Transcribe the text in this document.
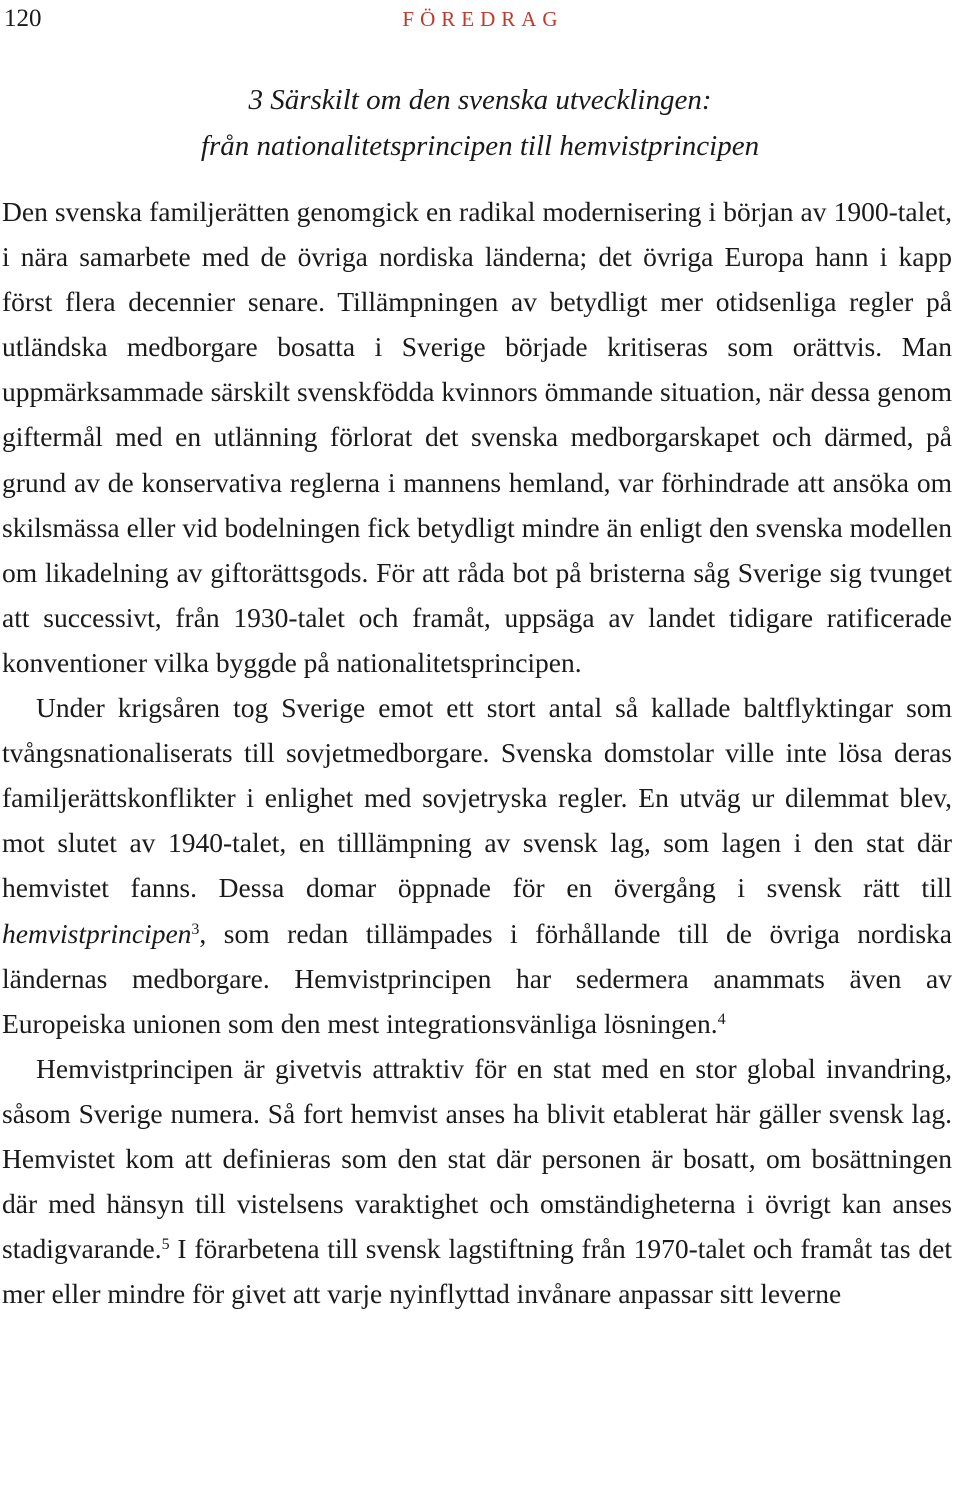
120	FÖREDRAG
3 Särskilt om den svenska utvecklingen:
från nationalitetsprincipen till hemvistprincipen

Den svenska familjerätten genomgick en radikal modernisering i början av 1900-talet, i nära samarbete med de övriga nordiska länderna; det övriga Europa hann i kapp först flera decennier senare. Tillämpningen av betydligt mer otidsenliga regler på utländska medborgare bosatta i Sverige började kritiseras som orättvis. Man uppmärksammade särskilt svenskfödda kvinnors ömmande situation, när dessa genom giftermål med en utlänning förlorat det svenska medborgarskapet och därmed, på grund av de konservativa reglerna i mannens hemland, var förhindrade att ansöka om skilsmässa eller vid bodelningen fick betydligt mindre än enligt den svenska modellen om likadelning av giftorättsgods. För att råda bot på bristerna såg Sverige sig tvunget att successivt, från 1930-talet och framåt, uppsäga av landet tidigare ratificerade konventioner vilka byggde på nationalitetsprincipen.

Under krigsåren tog Sverige emot ett stort antal så kallade baltflyktingar som tvångsnationaliserats till sovjetmedborgare. Svenska domstolar ville inte lösa deras familjerättskonflikter i enlighet med sovjetryska regler. En utväg ur dilemmat blev, mot slutet av 1940-talet, en tilllämpning av svensk lag, som lagen i den stat där hemvistet fanns. Dessa domar öppnade för en övergång i svensk rätt till hemvistprincipen$^3$, som redan tillämpades i förhållande till de övriga nordiska ländernas medborgare. Hemvistprincipen har sedermera anammats även av Europeiska unionen som den mest integrationsvänliga lösningen.$^4$

Hemvistprincipen är givetvis attraktiv för en stat med en stor global invandring, såsom Sverige numera. Så fort hemvist anses ha blivit etablerat här gäller svensk lag. Hemvistet kom att definieras som den stat där personen är bosatt, om bosättningen där med hänsyn till vistelsens varaktighet och omständigheterna i övrigt kan anses stadigvarande.$^5$ I förarbetena till svensk lagstiftning från 1970-talet och framåt tas det mer eller mindre för givet att varje nyinflyttad invånare anpassar sitt leverne
